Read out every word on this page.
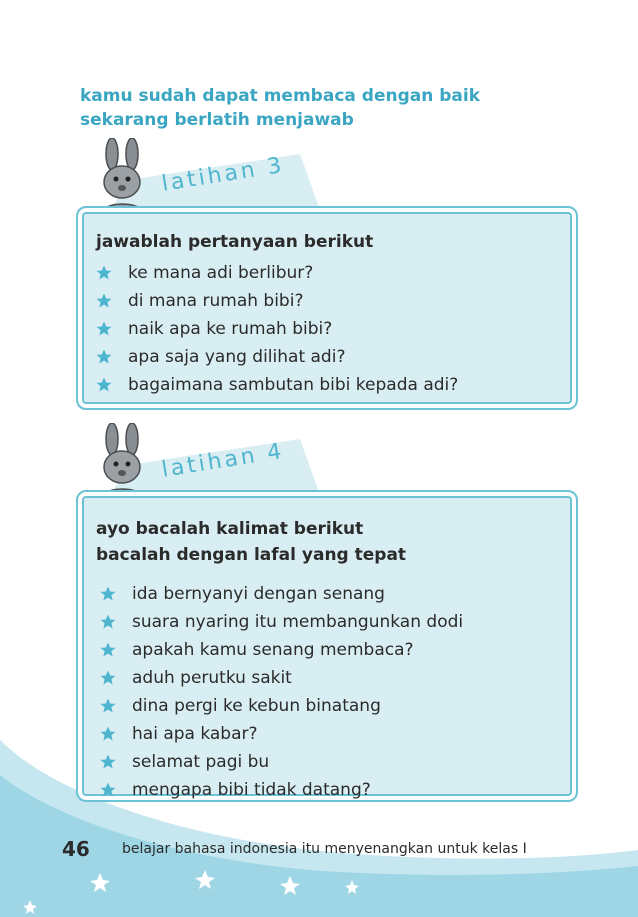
kamu sudah dapat membaca dengan baik
sekarang berlatih menjawab
latihan 3
jawablah pertanyaan berikut
ke mana adi berlibur?
di mana rumah bibi?
naik apa ke rumah bibi?
apa saja yang dilihat adi?
bagaimana sambutan bibi kepada adi?
latihan 4
ayo bacalah kalimat berikut
bacalah dengan lafal yang tepat
ida bernyanyi dengan senang
suara nyaring itu membangunkan dodi
apakah kamu senang membaca?
aduh perutku sakit
dina pergi ke kebun binatang
hai apa kabar?
selamat pagi bu
mengapa bibi tidak datang?
46 belajar bahasa indonesia itu menyenangkan untuk kelas I
